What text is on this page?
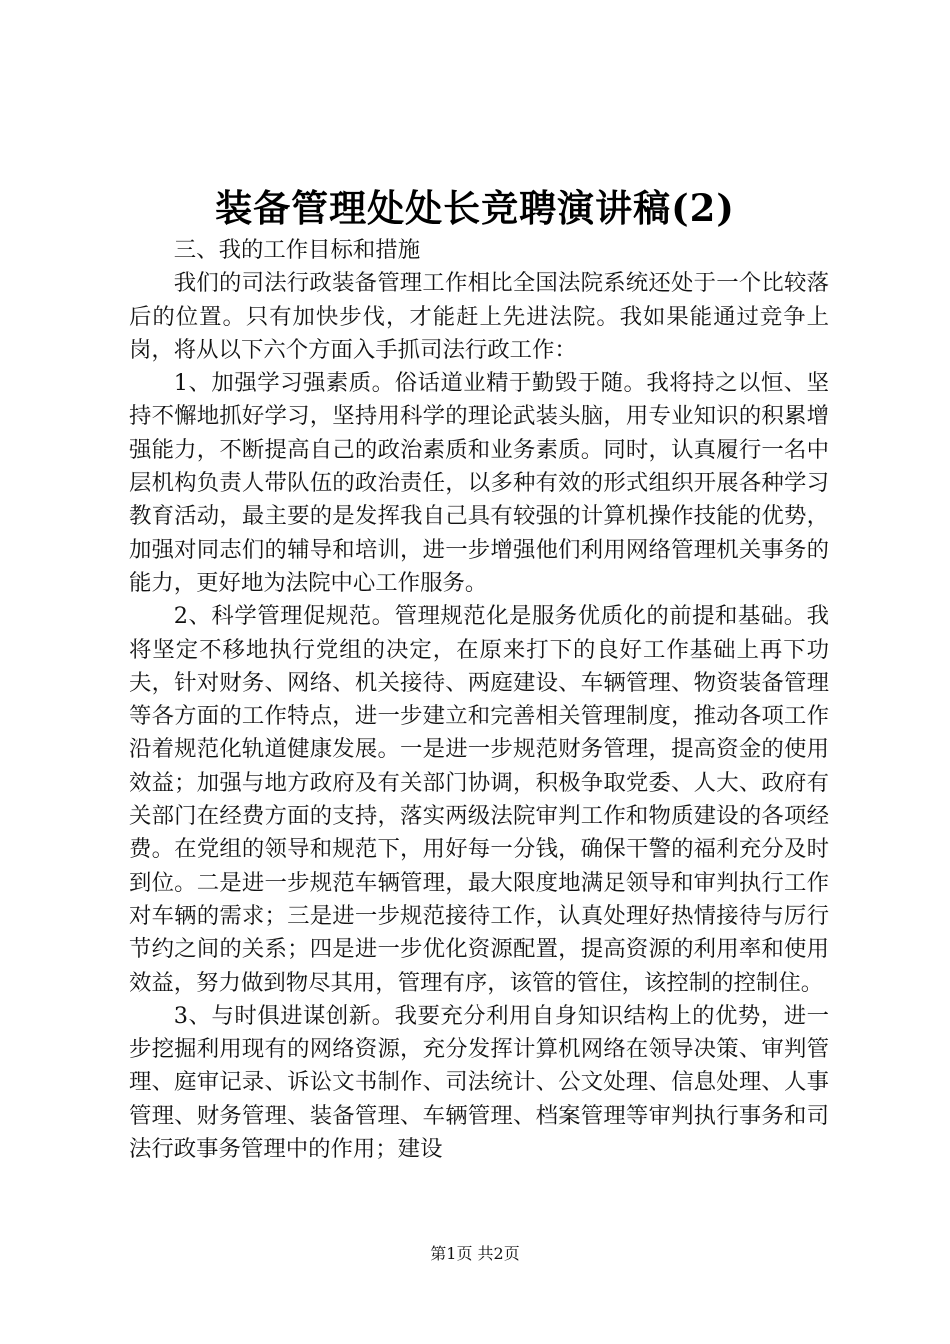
装备管理处处长竞聘演讲稿(2)

三、我的工作目标和措施

我们的司法行政装备管理工作相比全国法院系统还处于一个比较落后的位置。只有加快步伐，才能赶上先进法院。我如果能通过竞争上岗，将从以下六个方面入手抓司法行政工作：

1、加强学习强素质。俗话道业精于勤毁于随。我将持之以恒、坚持不懈地抓好学习，坚持用科学的理论武装头脑，用专业知识的积累增强能力，不断提高自己的政治素质和业务素质。同时，认真履行一名中层机构负责人带队伍的政治责任，以多种有效的形式组织开展各种学习教育活动，最主要的是发挥我自己具有较强的计算机操作技能的优势，加强对同志们的辅导和培训，进一步增强他们利用网络管理机关事务的能力，更好地为法院中心工作服务。

2、科学管理促规范。管理规范化是服务优质化的前提和基础。我将坚定不移地执行党组的决定，在原来打下的良好工作基础上再下功夫，针对财务、网络、机关接待、两庭建设、车辆管理、物资装备管理等各方面的工作特点，进一步建立和完善相关管理制度，推动各项工作沿着规范化轨道健康发展。一是进一步规范财务管理，提高资金的使用效益；加强与地方政府及有关部门协调，积极争取党委、人大、政府有关部门在经费方面的支持，落实两级法院审判工作和物质建设的各项经费。在党组的领导和规范下，用好每一分钱，确保干警的福利充分及时到位。二是进一步规范车辆管理，最大限度地满足领导和审判执行工作对车辆的需求；三是进一步规范接待工作，认真处理好热情接待与厉行节约之间的关系；四是进一步优化资源配置，提高资源的利用率和使用效益，努力做到物尽其用，管理有序，该管的管住，该控制的控制住。

3、与时俱进谋创新。我要充分利用自身知识结构上的优势，进一步挖掘利用现有的网络资源，充分发挥计算机网络在领导决策、审判管理、庭审记录、诉讼文书制作、司法统计、公文处理、信息处理、人事管理、财务管理、装备管理、车辆管理、档案管理等审判执行事务和司法行政事务管理中的作用；建设

第1页 共2页
